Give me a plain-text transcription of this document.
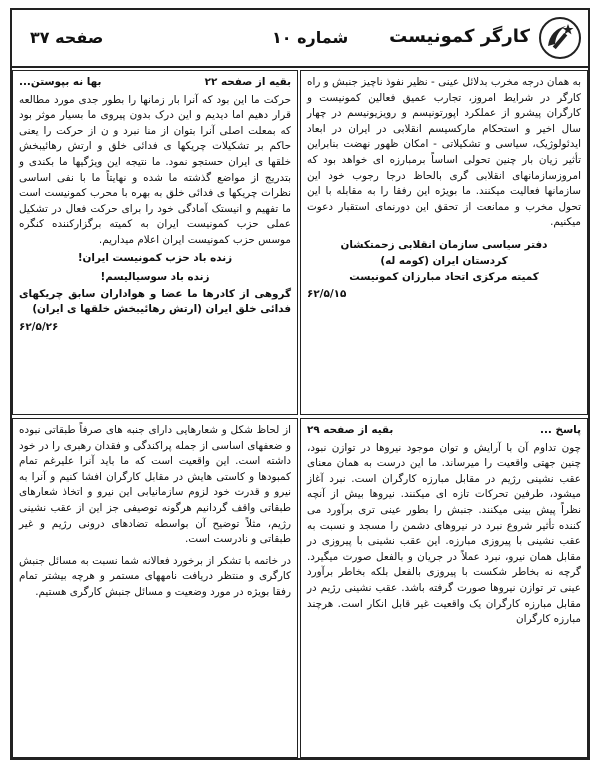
کارگر کمونیست
شماره ۱۰
صفحه ۳۷

به همان درجه مخرب بدلائل عینی - نظیر نفوذ ناچیز جنبش و راه کارگر در شرایط امروز، تجارب عمیق فعالین کمونیست و کارگران پیشرو از عملکرد اپورتونیسم و رویزیونیسم در چهار سال اخیر و استحکام مارکسیسم انقلابی در ایران در ابعاد ایدئولوژیک، سیاسی و تشکیلاتی - امکان ظهور نهضت بنابراین تأثیر زیان بار چنین تحولی اساساً برمبارزه ای خواهد بود که امروزسازمانهای انقلابی گری بالحاظ درجا رجوب خود این سازمانها فعالیت میکنند. ما بویژه این رفقا را به مقابله با این تحول مخرب و ممانعت از تحقق این دورنمای استقبار دعوت میکنیم.

دفتر سیاسی سازمان انقلابی زحمتکشان
کردستان ایران (کومه له)
کمیته مرکزی اتحاد مبارزان کمونیست
۶۲/۵/۱۵
بقیه از صفحه ۲۲
بها نه بپوستن...

حرکت ما این بود که آنرا بار زمانها را بطور جدی مورد مطالعه قرار دهیم اما دیدیم و این درک بدون پیروی ما بسیار موثر بود که بمعلت اصلی آنرا بتوان از منا نبرد و ن از حرکت را یعنی حاکم بر تشکیلات چریکها ی فدائی خلق و ارتش رهائیبخش خلقها ی ایران حستجو نمود. ما نتیجه این ویژگیها ما بکندی و بتدریج از مواضع گذشته ما شده و نهایتاً ما با نفی اساسی نظرات چریکها ی فدائی خلق به بهره با محرب کمونیست است ما تفهیم و انیستک آمادگی خود را برای حرکت فعال در تشکیل عملی حزب کمونیست ایران به کمیته برگزارکننده کنگره موسس حزب کمونیست ایران اعلام میداریم.

زنده باد حزب کمونیست ایران!
زنده باد سوسیالیسم!

گروهی از کادرها ما عضا و هواداران سابق چریکهای فدائی خلق ایران (ارتش رهائیبخش خلقها ی ایران)

۶۲/۵/۲۶

از لحاظ شکل و شعارهایی دارای جنبه های صرفاً طبقاتی نبوده و ضعفهای اساسی از جمله پراکندگی و فقدان رهبری را در خود داشته است. این واقعیت است که ما باید آنرا علیرغم تمام کمبودها و کاستی هایش در مقابل کارگران افشا کنیم و آنرا به نیرو و قدرت خود لزوم سازمانیابی این نیرو و اتخاذ شعارهای طبقاتی واقف گردانیم هرگونه توصیفی جز این از عقب نشینی رژیم، مثلاً توضیح آن بواسطه تضادهای درونی رژیم و غیر طبقاتی و نادرست است.

در خاتمه با تشکر از برخورد فعالانه شما نسبت به مسائل جنبش کارگری و منتظر دریافت نامههای مستمر و هرچه بیشتر تمام رفقا بویژه در مورد وضعیت و مسائل جنبش کارگری هستیم.

پاسخ ...
بقیه از صفحه ۲۹

چون تداوم آن با آرایش و توان موجود نیروها در توازن نبود، چنین جهتی واقعیت را میرساند. ما این درست به همان معنای عقب نشینی رژیم در مقابل مبارزه کارگران است. نبرد آغاز میشود، طرفین تحرکات تازه ای میکنند. نیروها بیش از آنچه نظراً پیش بینی میکنند. جنبش را بطور عینی تری برآورد می کننده تأثیر شروع نبرد در نیروهای دشمن را مسجد و نسبت به عقب نشینی با پیروزی مبارزه. این عقب نشینی با پیروزی در مقابل همان نیرو، نبرد عملاً در جریان و بالفعل صورت میگیرد. گرچه نه بخاطر شکست با پیروزی بالفعل بلکه بخاطر برآورد عینی تر توازن نیروها صورت گرفته باشد. عقب نشینی رژیم در مقابل مبارزه کارگران یک واقعیت غیر قابل انکار است. هرچند مبارزه کارگران
